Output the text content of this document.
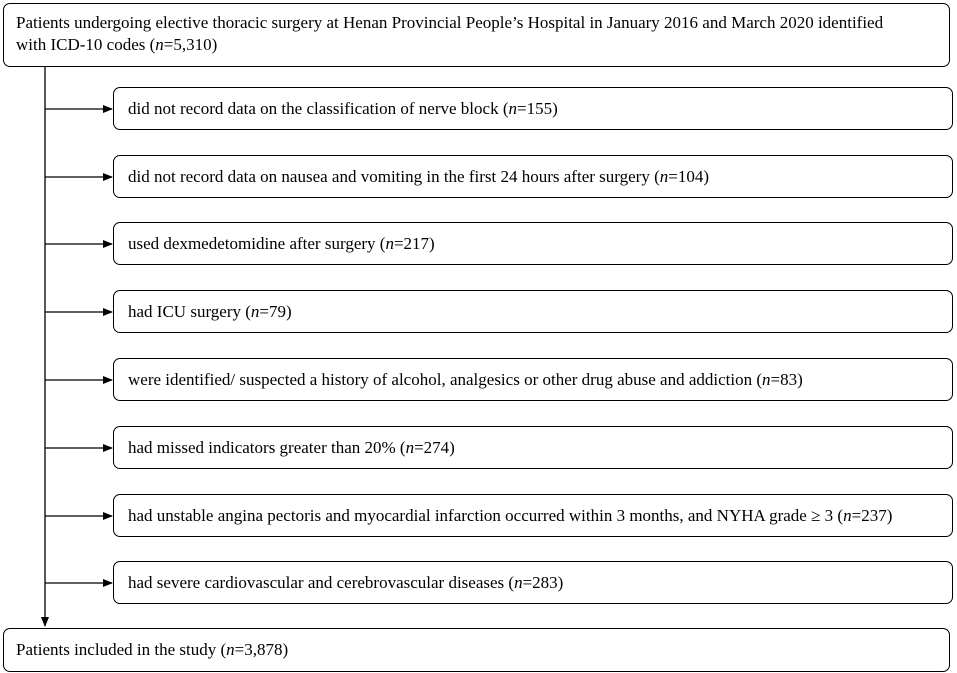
Patients undergoing elective thoracic surgery at Henan Provincial People’s Hospital in January 2016 and March 2020 identified
with ICD-10 codes (n=5,310)
did not record data on the classification of nerve block (n=155)
did not record data on nausea and vomiting in the first 24 hours after surgery (n=104)
used dexmedetomidine after surgery (n=217)
had ICU surgery (n=79)
were identified/ suspected a history of alcohol, analgesics or other drug abuse and addiction (n=83)
had missed indicators greater than 20% (n=274)
had unstable angina pectoris and myocardial infarction occurred within 3 months, and NYHA grade ≥ 3 (n=237)
had severe cardiovascular and cerebrovascular diseases (n=283)
Patients included in the study (n=3,878)
